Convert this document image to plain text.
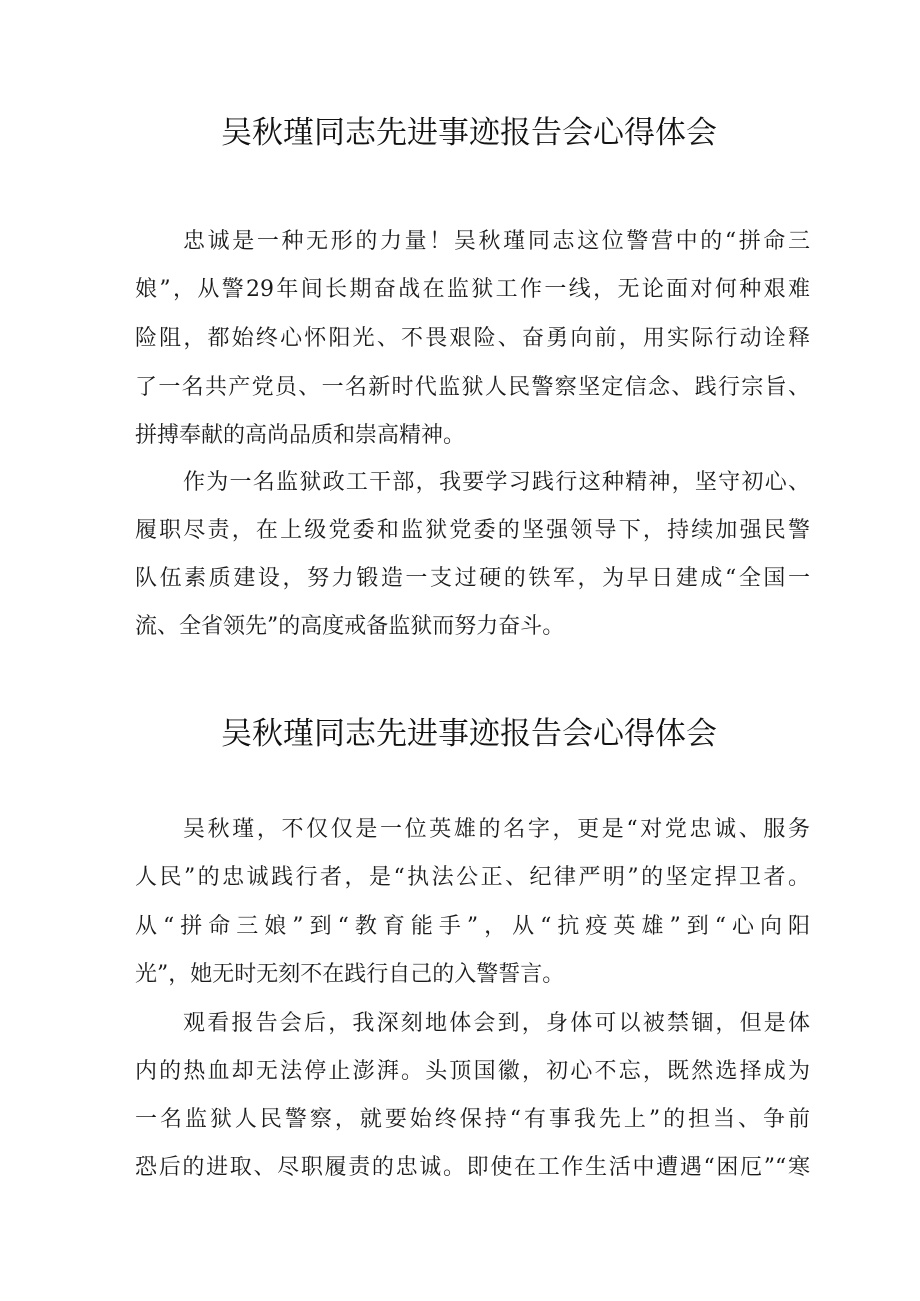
吴秋瑾同志先进事迹报告会心得体会

忠诚是一种无形的力量！吴秋瑾同志这位警营中的“拼命三

娘”，从警29年间长期奋战在监狱工作一线，无论面对何种艰难

险阻，都始终心怀阳光、不畏艰险、奋勇向前，用实际行动诠释

了一名共产党员、一名新时代监狱人民警察坚定信念、践行宗旨、

拼搏奉献的高尚品质和崇高精神。

作为一名监狱政工干部，我要学习践行这种精神，坚守初心、

履职尽责，在上级党委和监狱党委的坚强领导下，持续加强民警

队伍素质建设，努力锻造一支过硬的铁军，为早日建成“全国一

流、全省领先”的高度戒备监狱而努力奋斗。

吴秋瑾同志先进事迹报告会心得体会

吴秋瑾，不仅仅是一位英雄的名字，更是“对党忠诚、服务

人民”的忠诚践行者，是“执法公正、纪律严明”的坚定捍卫者。

从“拼命三娘”到“教育能手”，从“抗疫英雄”到“心向阳

光”，她无时无刻不在践行自己的入警誓言。

观看报告会后，我深刻地体会到，身体可以被禁锢，但是体

内的热血却无法停止澎湃。头顶国徽，初心不忘，既然选择成为

一名监狱人民警察，就要始终保持“有事我先上”的担当、争前

恐后的进取、尽职履责的忠诚。即使在工作生活中遭遇“困厄”“寒
